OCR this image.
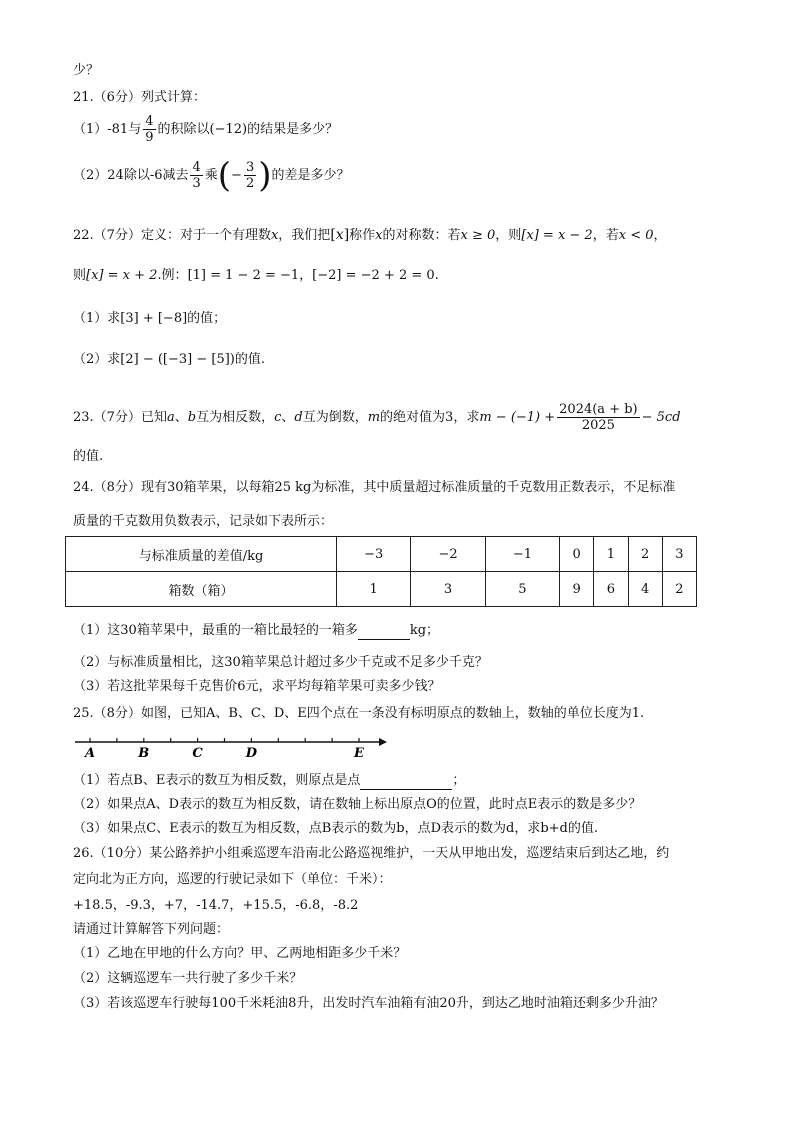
少？
21.（6分）列式计算：
（1）-81与 $\frac{4}{9}$ 的积除以(−12)的结果是多少？
（2）24除以-6减去 $\frac{4}{3}$ 乘(− $\frac{3}{2}$ )的差是多少？
22.（7分）定义：对于一个有理数x，我们把[x]称作x的对称数：若x ≥ 0，则[x] = x − 2，若x < 0，
则[x] = x + 2.例：[1] = 1 − 2 = −1，[−2] = −2 + 2 = 0.
（1）求[3] + [−8]的值；
（2）求[2] − ([−3] − [5])的值.
23.（7分）已知a、b互为相反数，c、d互为倒数，m的绝对值为3，求$m - (-1) + \frac{2024(a + b)}{2025} - 5cd$
的值.
24.（8分）现有30箱苹果，以每箱25 kg为标准，其中质量超过标准质量的千克数用正数表示，不足标准
质量的千克数用负数表示，记录如下表所示：
与标准质量的差值/kg	−3	−2	−1	0	1	2	3
箱数（箱）	1	3	5	9	6	4	2
（1）这30箱苹果中，最重的一箱比最轻的一箱多	kg；
（2）与标准质量相比，这30箱苹果总计超过多少千克或不足多少千克？
（3）若这批苹果每千克售价6元，求平均每箱苹果可卖多少钱？
25.（8分）如图，已知A、B、C、D、E四个点在一条没有标明原点的数轴上，数轴的单位长度为1.
A	B	C	D	E
（1）若点B、E表示的数互为相反数，则原点是点	；
（2）如果点A、D表示的数互为相反数，请在数轴上标出原点O的位置，此时点E表示的数是多少？
（3）如果点C、E表示的数互为相反数，点B表示的数为b，点D表示的数为d，求b+d的值.
26.（10分）某公路养护小组乘巡逻车沿南北公路巡视维护，一天从甲地出发，巡逻结束后到达乙地，约
定向北为正方向，巡逻的行驶记录如下（单位：千米）：
+18.5，-9.3，+7，-14.7，+15.5，-6.8，-8.2
请通过计算解答下列问题：
（1）乙地在甲地的什么方向？甲、乙两地相距多少千米？
（2）这辆巡逻车一共行驶了多少千米？
（3）若该巡逻车行驶每100千米耗油8升，出发时汽车油箱有油20升，到达乙地时油箱还剩多少升油？
